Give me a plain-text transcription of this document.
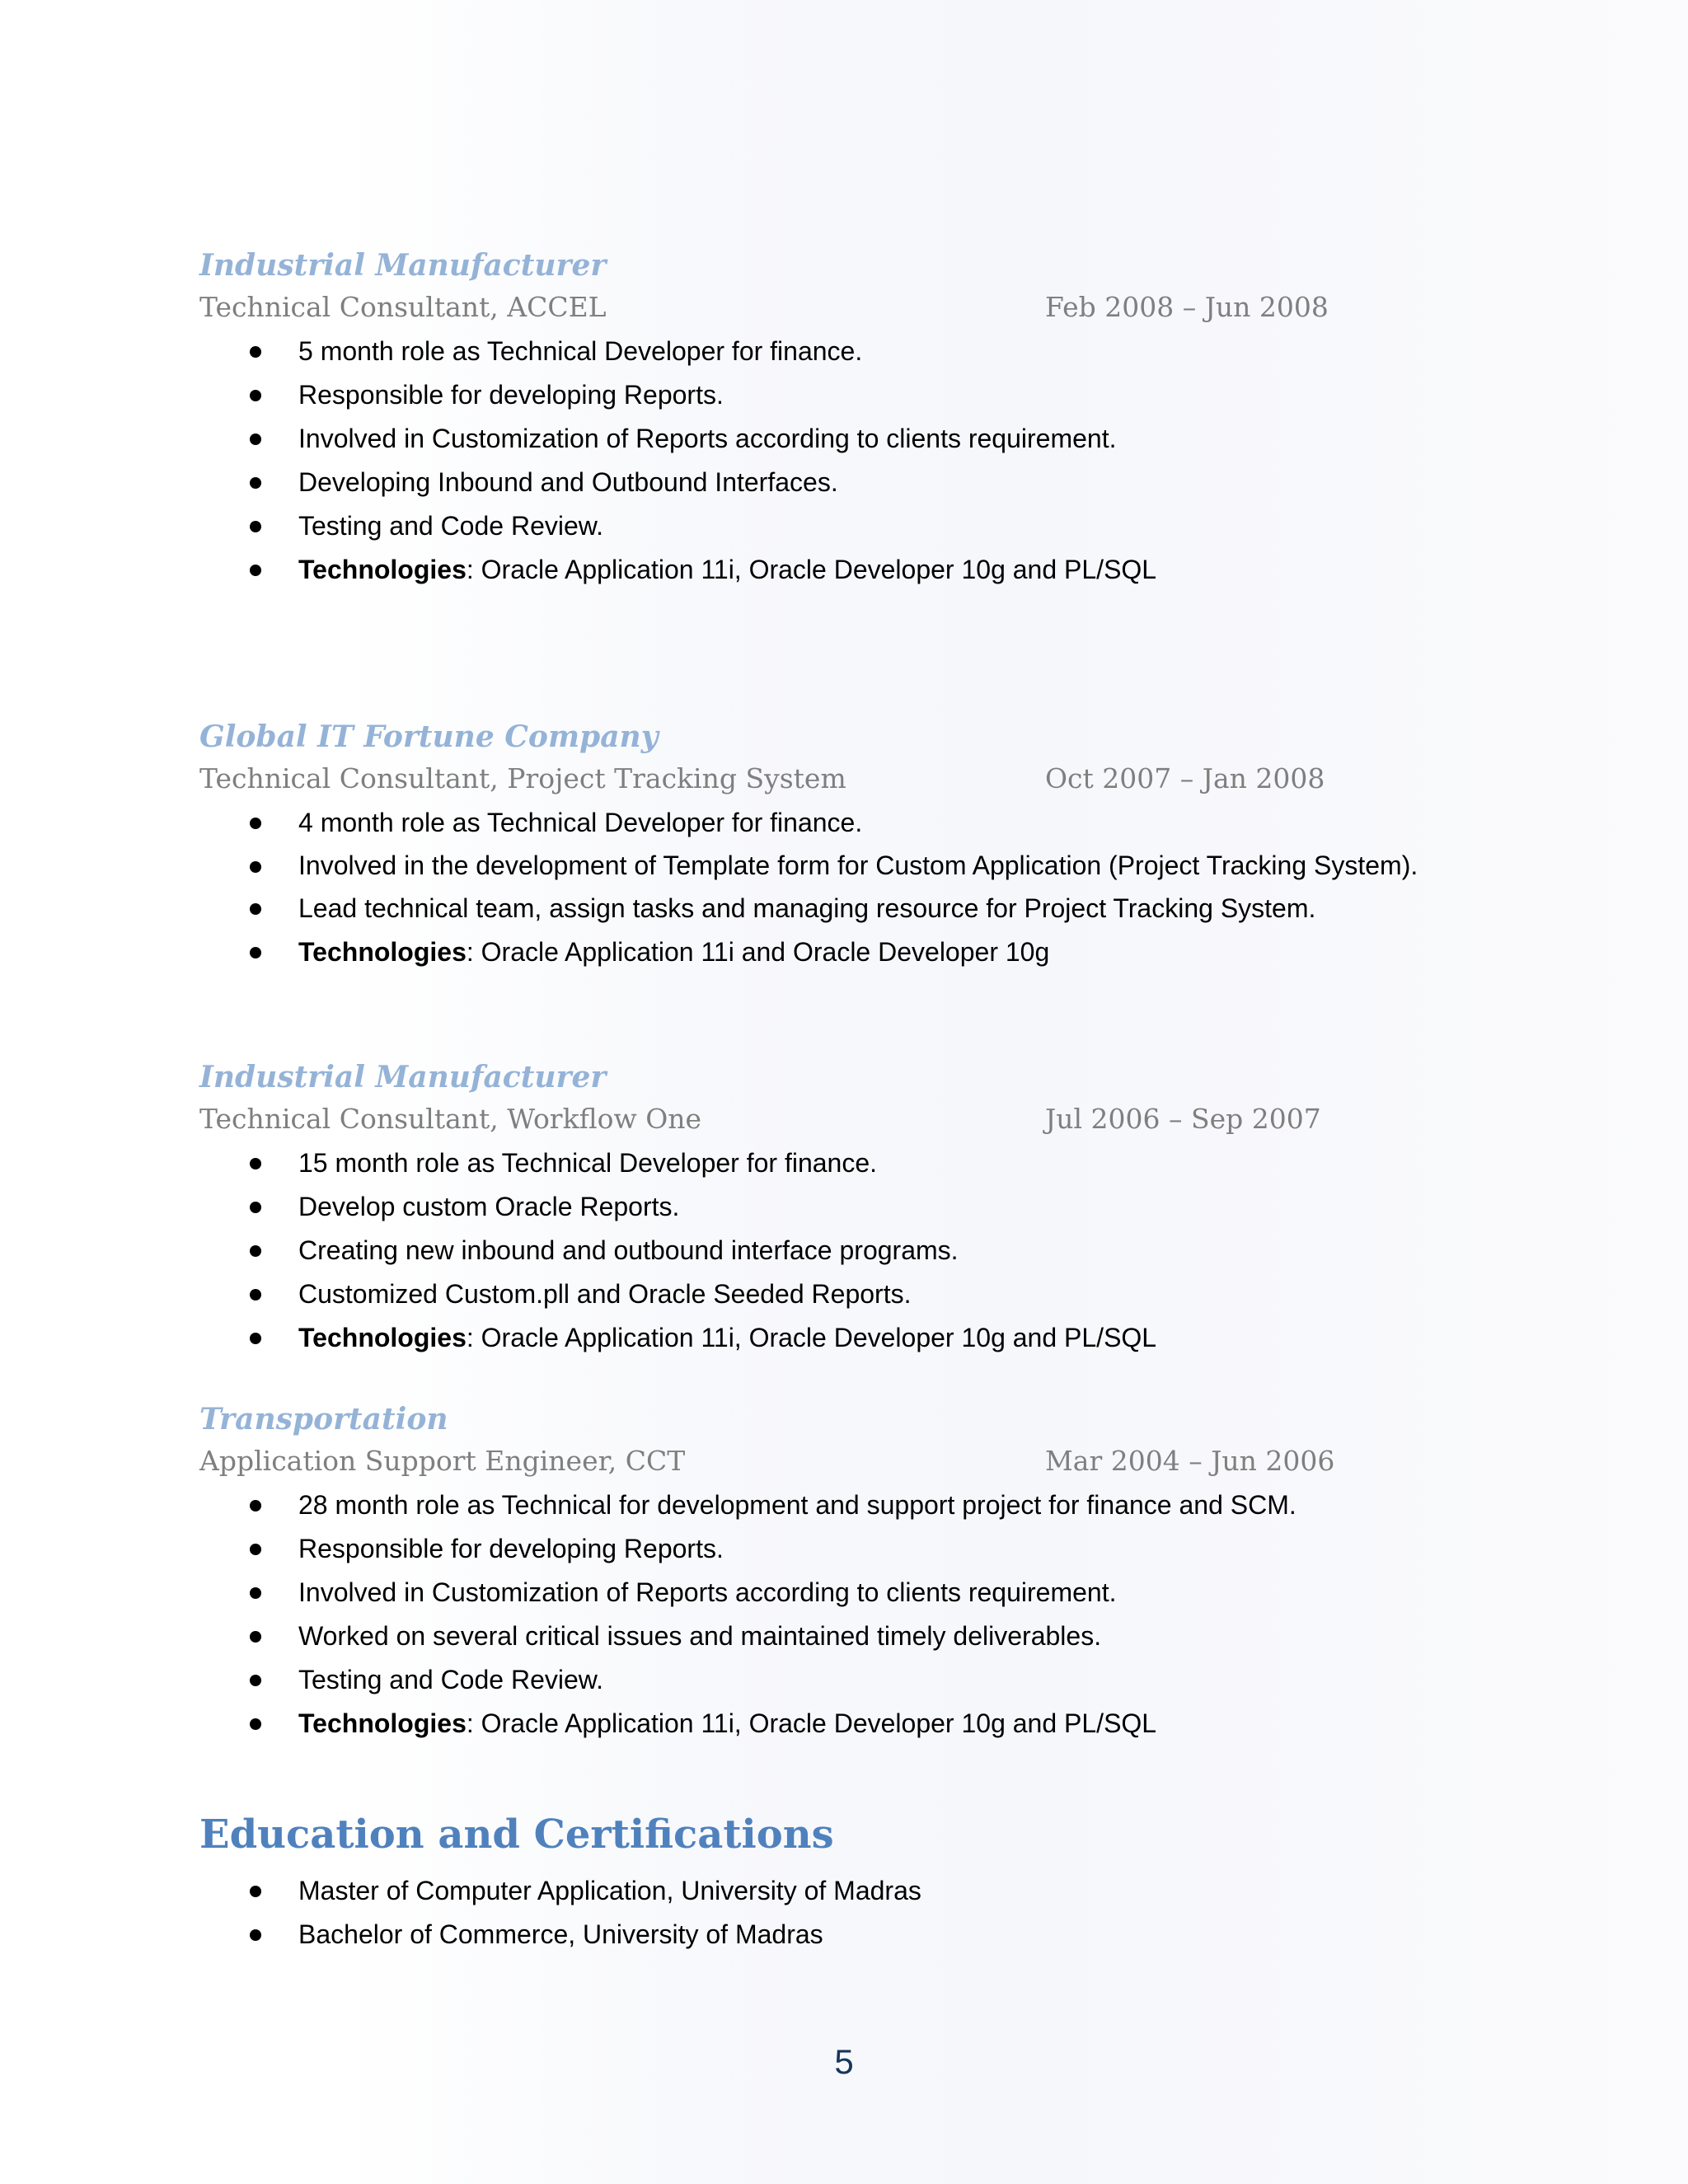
Industrial Manufacturer
Technical Consultant, ACCEL	Feb 2008 – Jun 2008
5 month role as Technical Developer for finance.
Responsible for developing Reports.
Involved in Customization of Reports according to clients requirement.
Developing Inbound and Outbound Interfaces.
Testing and Code Review.
Technologies: Oracle Application 11i, Oracle Developer 10g and PL/SQL
Global IT Fortune Company
Technical Consultant, Project Tracking System	Oct 2007 – Jan 2008
4 month role as Technical Developer for finance.
Involved in the development of Template form for Custom Application (Project Tracking System).
Lead technical team, assign tasks and managing resource for Project Tracking System.
Technologies: Oracle Application 11i and Oracle Developer 10g
Industrial Manufacturer
Technical Consultant, Workflow One	Jul 2006 – Sep 2007
15 month role as Technical Developer for finance.
Develop custom Oracle Reports.
Creating new inbound and outbound interface programs.
Customized Custom.pll and Oracle Seeded Reports.
Technologies: Oracle Application 11i, Oracle Developer 10g and PL/SQL
Transportation
Application Support Engineer, CCT	Mar 2004 – Jun 2006
28 month role as Technical for development and support project for finance and SCM.
Responsible for developing Reports.
Involved in Customization of Reports according to clients requirement.
Worked on several critical issues and maintained timely deliverables.
Testing and Code Review.
Technologies: Oracle Application 11i, Oracle Developer 10g and PL/SQL
Education and Certifications
Master of Computer Application, University of Madras
Bachelor of Commerce, University of Madras
5
